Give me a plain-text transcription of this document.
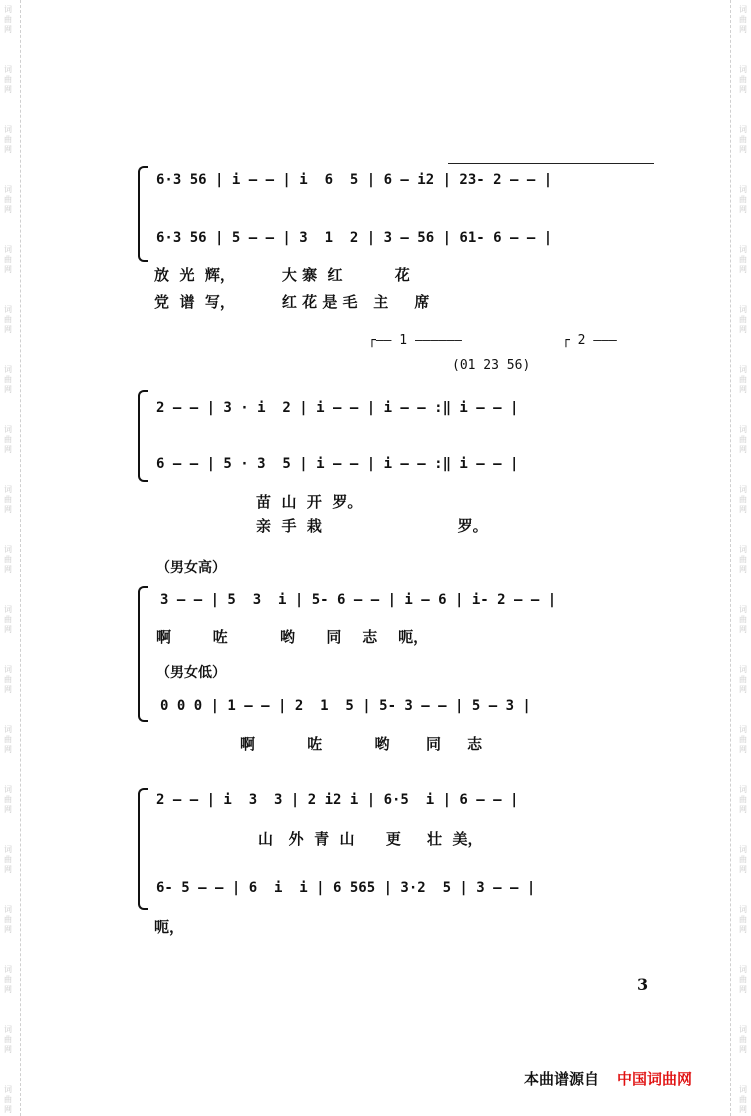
词
曲
网
词
曲
网
词
曲
网
词
曲
网
词
曲
网
词
曲
网
词
曲
网
词
曲
网
词
曲
网
词
曲
网
词
曲
网
词
曲
网
词
曲
网
词
曲
网
词
曲
网
词
曲
网
词
曲
网
词
曲
网
词
曲
网
词
曲
网
词
曲
网
词
曲
网
词
曲
网
词
曲
网
词
曲
网
词
曲
网
词
曲
网
词
曲
网
词
曲
网
词
曲
网
词
曲
网
词
曲
网
词
曲
网
词
曲
网
词
曲
网
词
曲
网
词
曲
网
词
曲
网
6·3 56 | i — — | i  6  5 | 6 — i2 | 23‐ 2 — — |
6·3 56 | 5 — — | 3  1  2 | 3 — 56 | 61‐ 6 — — |
放  光  辉，         大 寨  红          花
党  谱  写，         红 花 是 毛   主     席
┌—— 1 ——————	┌ 2 ———
(01 23 56)
2 — — | 3 · i  2 | i — — | i — — :‖ i — — |
6 — — | 5 · 3  5 | i — — | i — — :‖ i — — |
苗  山  开  罗。
亲  手  栽                          罗。
（男女高）
3 — — | 5  3  i | 5‐ 6 — — | i — 6 | i‐ 2 — — |
啊        咗          哟      同    志    呃，
（男女低）
0 0 0 | 1 — — | 2  1  5 | 5‐ 3 — — | 5 — 3 |
啊          咗          哟       同     志
2 — — | i  3  3 | 2 i2 i | 6·5  i | 6 — — |
山   外  青  山      更     壮  美，
6‐ 5 — — | 6  i  i | 6 565 | 3·2  5 | 3 — — |
呃，
3
本曲谱源自 中国词曲网
